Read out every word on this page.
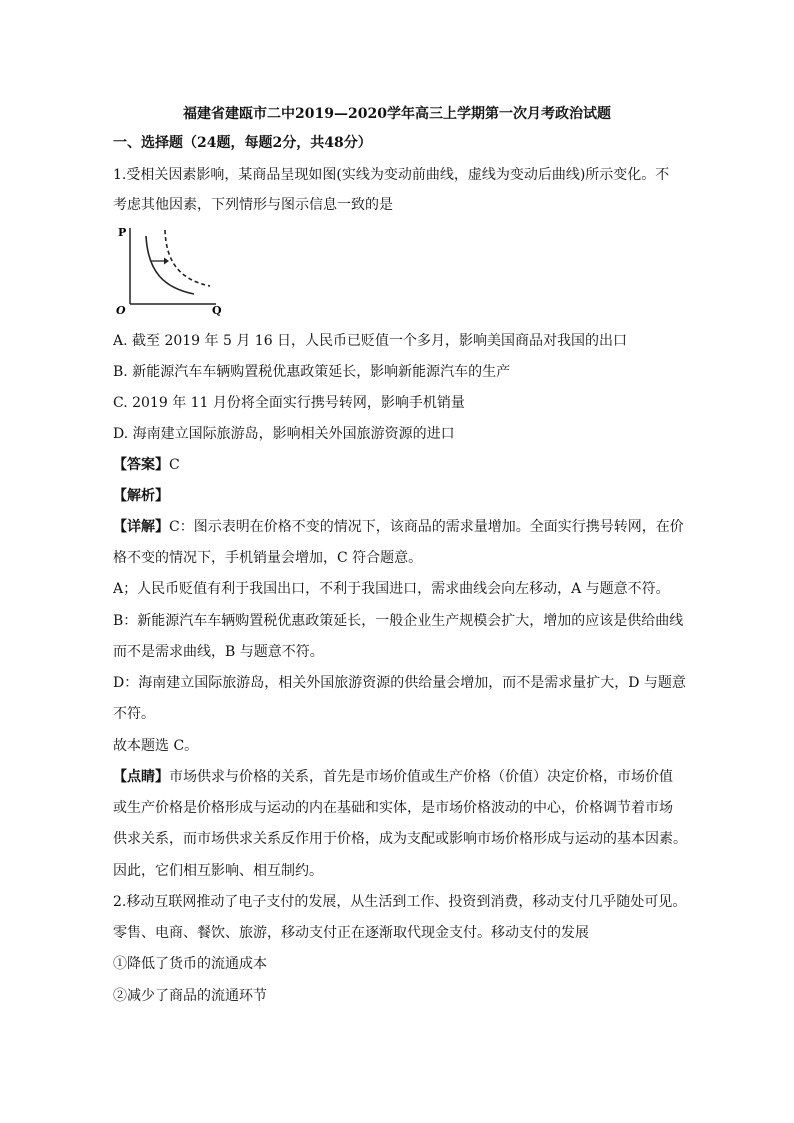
福建省建瓯市二中2019—2020学年高三上学期第一次月考政治试题
一、选择题（24题，每题2分，共48分）
1.受相关因素影响，某商品呈现如图(实线为变动前曲线，虚线为变动后曲线)所示变化。不
考虑其他因素，下列情形与图示信息一致的是
P
O	Q
A. 截至 2019 年 5 月 16 日，人民币已贬值一个多月，影响美国商品对我国的出口
B. 新能源汽车车辆购置税优惠政策延长，影响新能源汽车的生产
C. 2019 年 11 月份将全面实行携号转网，影响手机销量
D. 海南建立国际旅游岛，影响相关外国旅游资源的进口
【答案】C
【解析】
【详解】C：图示表明在价格不变的情况下，该商品的需求量增加。全面实行携号转网，在价
格不变的情况下，手机销量会增加，C 符合题意。
A；人民币贬值有利于我国出口，不利于我国进口，需求曲线会向左移动，A 与题意不符。
B：新能源汽车车辆购置税优惠政策延长，一般企业生产规模会扩大，增加的应该是供给曲线
而不是需求曲线，B 与题意不符。
D：海南建立国际旅游岛，相关外国旅游资源的供给量会增加，而不是需求量扩大，D 与题意
不符。
故本题选 C。
【点睛】市场供求与价格的关系，首先是市场价值或生产价格（价值）决定价格，市场价值
或生产价格是价格形成与运动的内在基础和实体，是市场价格波动的中心，价格调节着市场
供求关系，而市场供求关系反作用于价格，成为支配或影响市场价格形成与运动的基本因素。
因此，它们相互影响、相互制约。
2.移动互联网推动了电子支付的发展，从生活到工作、投资到消费，移动支付几乎随处可见。
零售、电商、餐饮、旅游，移动支付正在逐渐取代现金支付。移动支付的发展
①降低了货币的流通成本
②减少了商品的流通环节
